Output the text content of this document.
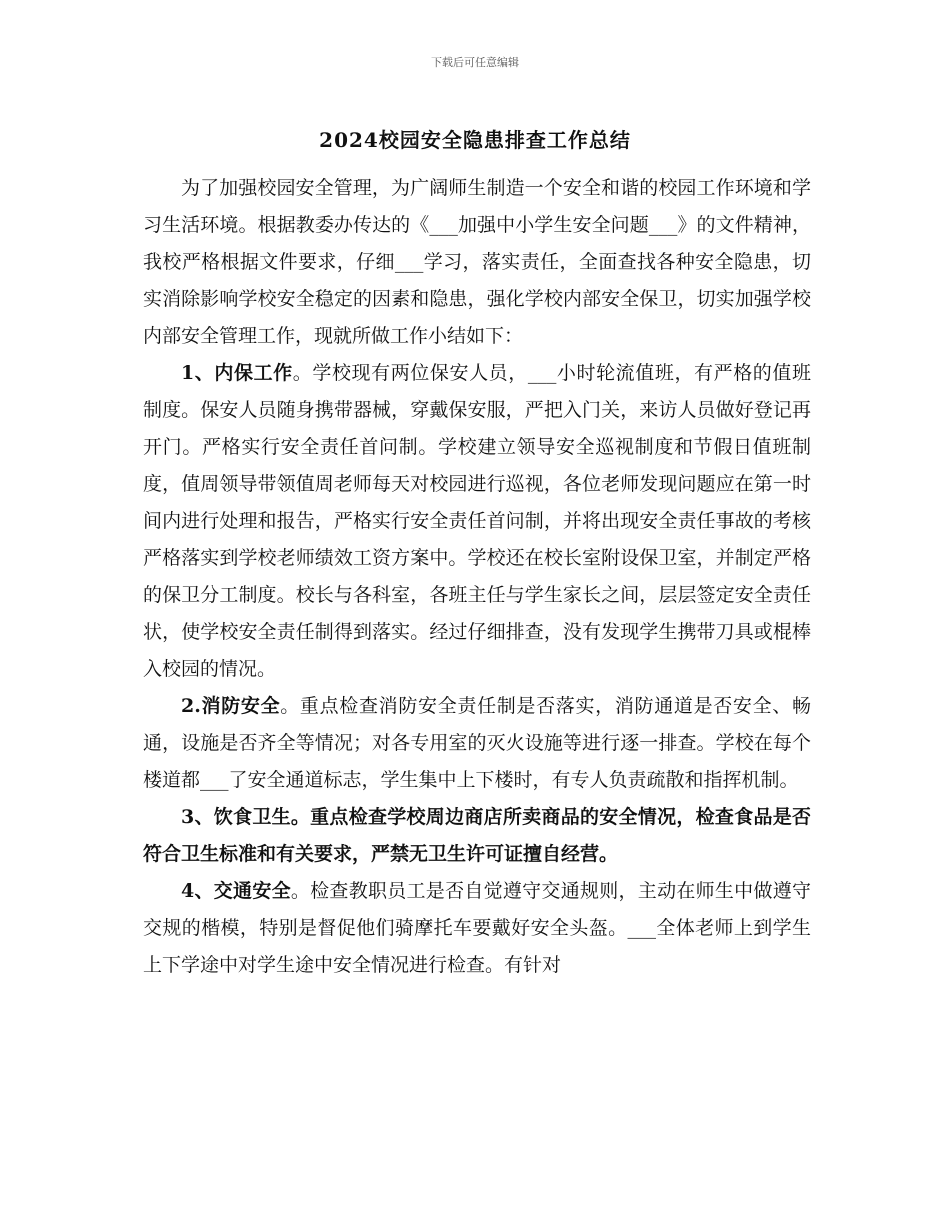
下载后可任意编辑
2024校园安全隐患排查工作总结

为了加强校园安全管理，为广阔师生制造一个安全和谐的校园工作环境和学习生活环境。根据教委办传达的《___加强中小学生安全问题___》的文件精神，我校严格根据文件要求，仔细___学习，落实责任，全面查找各种安全隐患，切实消除影响学校安全稳定的因素和隐患，强化学校内部安全保卫，切实加强学校内部安全管理工作，现就所做工作小结如下：

1、内保工作。学校现有两位保安人员，___小时轮流值班，有严格的值班制度。保安人员随身携带器械，穿戴保安服，严把入门关，来访人员做好登记再开门。严格实行安全责任首问制。学校建立领导安全巡视制度和节假日值班制度，值周领导带领值周老师每天对校园进行巡视，各位老师发现问题应在第一时间内进行处理和报告，严格实行安全责任首问制，并将出现安全责任事故的考核严格落实到学校老师绩效工资方案中。学校还在校长室附设保卫室，并制定严格的保卫分工制度。校长与各科室，各班主任与学生家长之间，层层签定安全责任状，使学校安全责任制得到落实。经过仔细排查，没有发现学生携带刀具或棍棒入校园的情况。

2.消防安全。重点检查消防安全责任制是否落实，消防通道是否安全、畅通，设施是否齐全等情况；对各专用室的灭火设施等进行逐一排查。学校在每个楼道都___了安全通道标志，学生集中上下楼时，有专人负责疏散和指挥机制。

3、饮食卫生。重点检查学校周边商店所卖商品的安全情况，检查食品是否符合卫生标准和有关要求，严禁无卫生许可证擅自经营。

4、交通安全。检查教职员工是否自觉遵守交通规则，主动在师生中做遵守交规的楷模，特别是督促他们骑摩托车要戴好安全头盔。___全体老师上到学生上下学途中对学生途中安全情况进行检查。有针对
